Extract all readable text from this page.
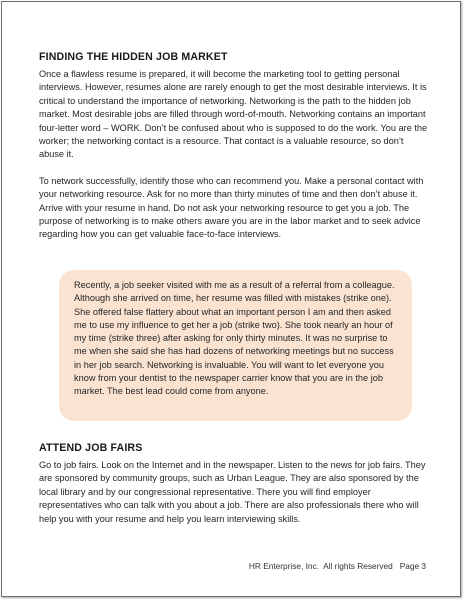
FINDING THE HIDDEN JOB MARKET

Once a flawless resume is prepared, it will become the marketing tool to getting personal interviews. However, resumes alone are rarely enough to get the most desirable interviews. It is critical to understand the importance of networking. Networking is the path to the hidden job market. Most desirable jobs are filled through word-of-mouth. Networking contains an important four-letter word – WORK. Don’t be confused about who is supposed to do the work. You are the worker; the networking contact is a resource. That contact is a valuable resource, so don’t abuse it.

To network successfully, identify those who can recommend you. Make a personal contact with your networking resource. Ask for no more than thirty minutes of time and then don’t abuse it. Arrive with your resume in hand. Do not ask your networking resource to get you a job. The purpose of networking is to make others aware you are in the labor market and to seek advice regarding how you can get valuable face-to-face interviews.

Recently, a job seeker visited with me as a result of a referral from a colleague. Although she arrived on time, her resume was filled with mistakes (strike one). She offered false flattery about what an important person I am and then asked me to use my influence to get her a job (strike two). She took nearly an hour of my time (strike three) after asking for only thirty minutes. It was no surprise to me when she said she has had dozens of networking meetings but no success in her job search. Networking is invaluable. You will want to let everyone you know from your dentist to the newspaper carrier know that you are in the job market. The best lead could come from anyone.

ATTEND JOB FAIRS

Go to job fairs. Look on the Internet and in the newspaper. Listen to the news for job fairs. They are sponsored by community groups, such as Urban League. They are also sponsored by the local library and by our congressional representative. There you will find employer representatives who can talk with you about a job. There are also professionals there who will help you with your resume and help you learn interviewing skills.

HR Enterprise, Inc.  All rights Reserved   Page 3
